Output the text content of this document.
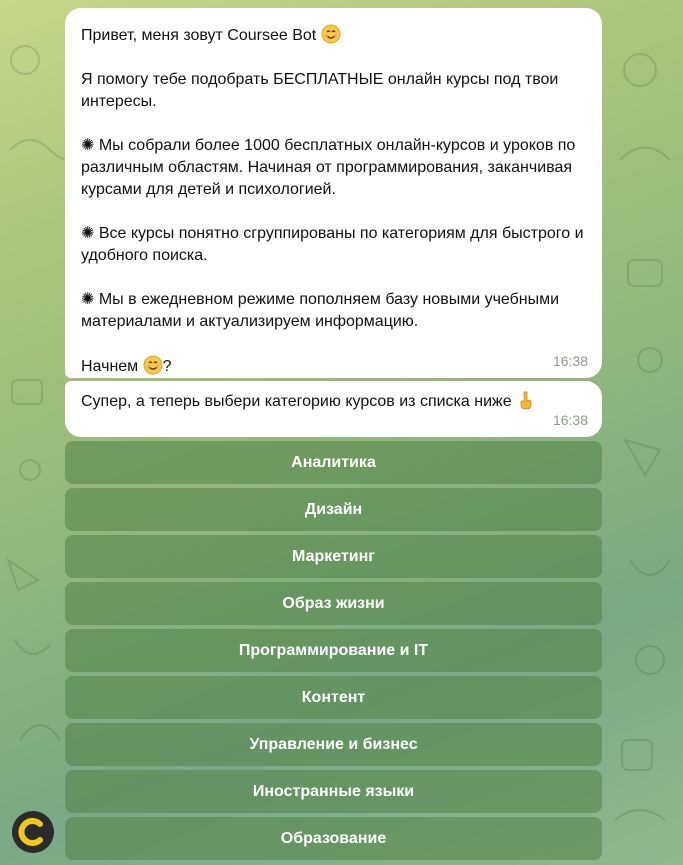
Привет, меня зовут Coursee Bot

Я помогу тебе подобрать БЕСПЛАТНЫЕ онлайн курсы под твои интересы.

✺ Мы собрали более 1000 бесплатных онлайн-курсов и уроков по различным областям. Начиная от программирования, заканчивая курсами для детей и психологией.

✺ Все курсы понятно сгруппированы по категориям для быстрого и удобного поиска.

✺ Мы в ежедневном режиме пополняем базу новыми учебными материалами и актуализируем информацию.

Начнем ?	16:38

Супер, а теперь выбери категорию курсов из списка ниже

16:38
Аналитика
Дизайн
Маркетинг
Образ жизни
Программирование и IT
Контент
Управление и бизнес
Иностранные языки
Образование
